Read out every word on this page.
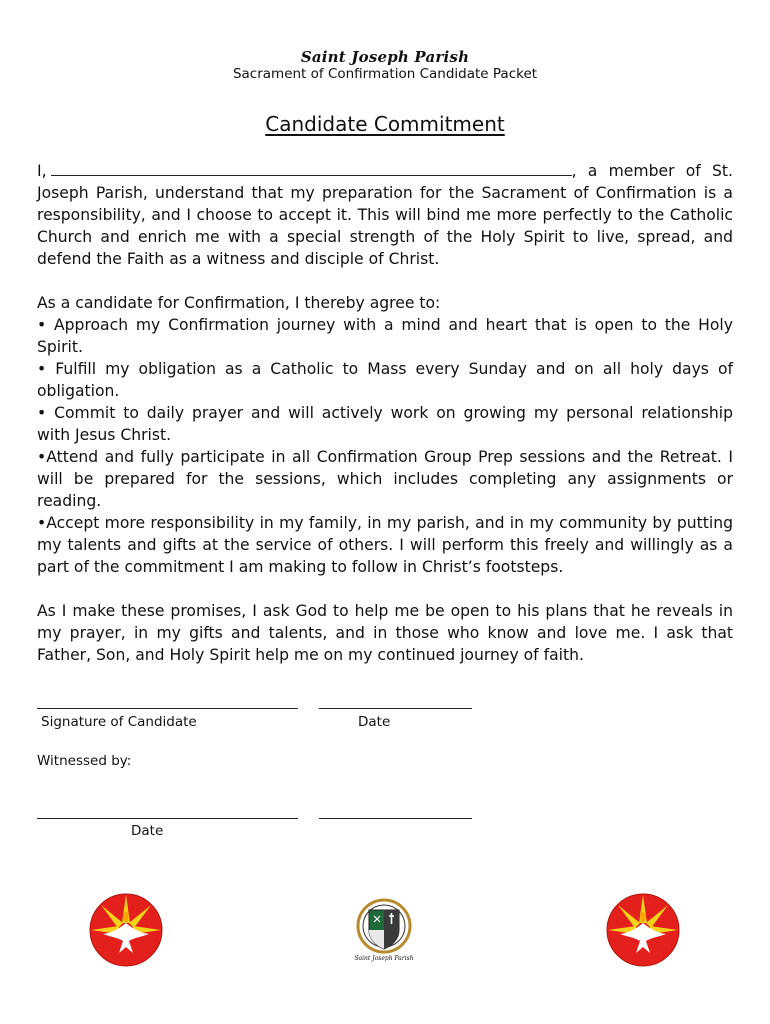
Saint Joseph Parish
Sacrament of Confirmation Candidate Packet
Candidate Commitment

I,	, a member of St. Joseph Parish, understand that my preparation for the Sacrament of Confirmation is a responsibility, and I choose to accept it. This will bind me more perfectly to the Catholic Church and enrich me with a special strength of the Holy Spirit to live, spread, and defend the Faith as a witness and disciple of Christ.

As a candidate for Confirmation, I thereby agree to:

• Approach my Confirmation journey with a mind and heart that is open to the Holy Spirit.

• Fulfill my obligation as a Catholic to Mass every Sunday and on all holy days of obligation.

• Commit to daily prayer and will actively work on growing my personal relationship with Jesus Christ.

•Attend and fully participate in all Confirmation Group Prep sessions and the Retreat. I will be prepared for the sessions, which includes completing any assignments or reading.

•Accept more responsibility in my family, in my parish, and in my community by putting my talents and gifts at the service of others. I will perform this freely and willingly as a part of the commitment I am making to follow in Christ’s footsteps.

As I make these promises, I ask God to help me be open to his plans that he reveals in my prayer, in my gifts and talents, and in those who know and love me. I ask that Father, Son, and Holy Spirit help me on my continued journey of faith.

Signature of Candidate	Date
Witnessed by:
Date
Saint Joseph Parish
